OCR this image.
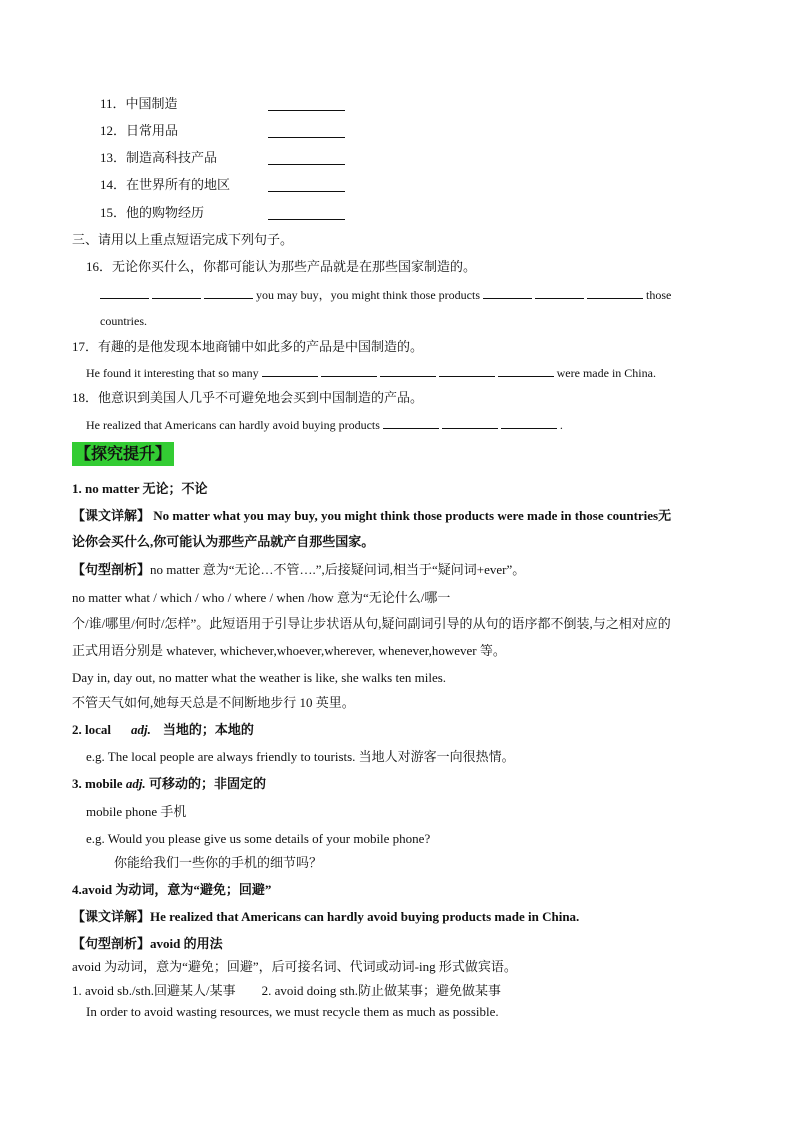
11．中国制造
12．日常用品
13．制造高科技产品
14．在世界所有的地区
15．他的购物经历
三、请用以上重点短语完成下列句子。
16．无论你买什么，你都可能认为那些产品就是在那些国家制造的。
you may buy，you might think those products	those
countries.
17．有趣的是他发现本地商铺中如此多的产品是中国制造的。
He found it interesting that so many	were made in China.
18．他意识到美国人几乎不可避免地会买到中国制造的产品。
He realized that Americans can hardly avoid buying products	.
【探究提升】
1. no matter 无论；不论
【课文详解】 No matter what you may buy, you might think those products were made in those countries无
论你会买什么,你可能认为那些产品就产自那些国家。
【句型剖析】no matter 意为“无论…不管….”,后接疑问词,相当于“疑问词+ever”。
no matter what / which / who / where / when /how 意为“无论什么/哪一
个/谁/哪里/何时/怎样”。此短语用于引导让步状语从句,疑问副词引导的从句的语序都不倒装,与之相对应的
正式用语分别是 whatever, whichever,whoever,wherever, whenever,however 等。
Day in, day out, no matter what the weather is like, she walks ten miles.
不管天气如何,她每天总是不间断地步行 10 英里。
2. local adj. 当地的；本地的
e.g. The local people are always friendly to tourists. 当地人对游客一向很热情。
3. mobile adj. 可移动的；非固定的
mobile phone 手机
e.g. Would you please give us some details of your mobile phone?
你能给我们一些你的手机的细节吗？
4.avoid 为动词，意为“避免；回避”
【课文详解】He realized that Americans can hardly avoid buying products made in China.
【句型剖析】avoid 的用法
avoid 为动词，意为“避免；回避”，后可接名词、代词或动词-ing 形式做宾语。
1. avoid sb./sth.回避某人/某事 2. avoid doing sth.防止做某事；避免做某事
In order to avoid wasting resources, we must recycle them as much as possible.
